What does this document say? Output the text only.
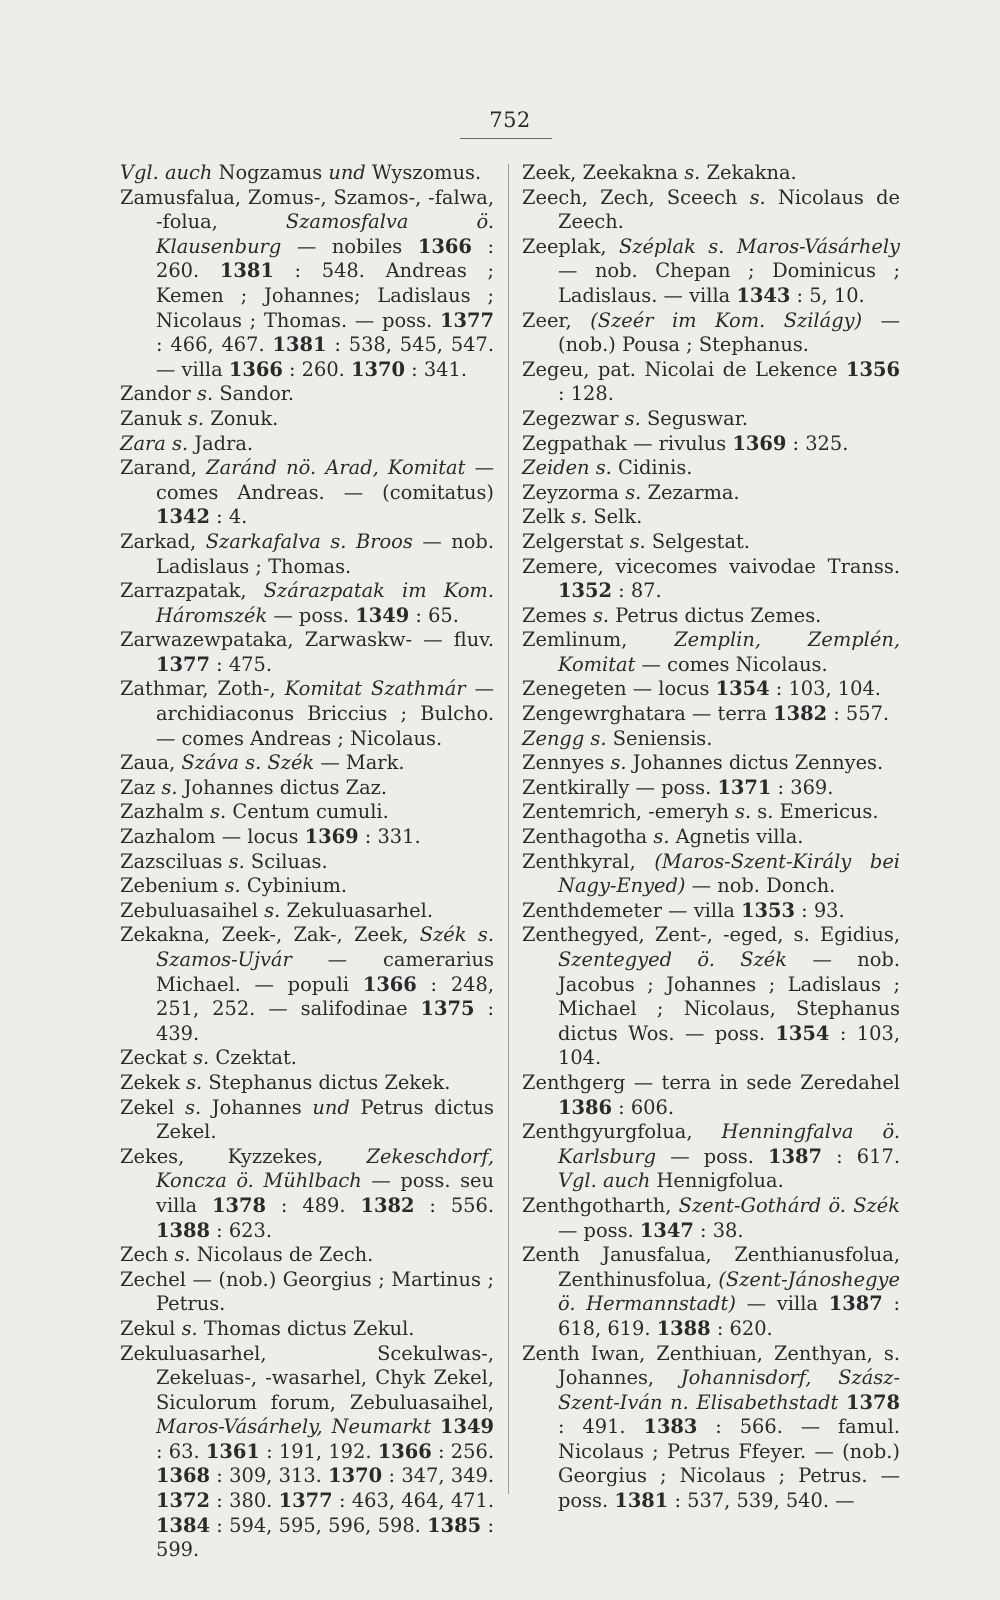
752

Vgl. auch Nogzamus und Wyszomus.

Zamusfalua, Zomus-, Szamos-, -falwa, -folua, Szamosfalva ö. Klausenburg — nobiles 1366 : 260. 1381 : 548. Andreas ; Kemen ; Johannes; Ladislaus ; Nicolaus ; Thomas. — poss. 1377 : 466, 467. 1381 : 538, 545, 547. — villa 1366 : 260. 1370 : 341.

Zandor s. Sandor.

Zanuk s. Zonuk.

Zara s. Jadra.

Zarand, Zaránd nö. Arad, Komitat — comes Andreas. — (comitatus) 1342 : 4.

Zarkad, Szarkafalva s. Broos — nob. Ladislaus ; Thomas.

Zarrazpatak, Szárazpatak im Kom. Háromszék — poss. 1349 : 65.

Zarwazewpataka, Zarwaskw- — fluv. 1377 : 475.

Zathmar, Zoth-, Komitat Szathmár — archidiaconus Briccius ; Bulcho. — comes Andreas ; Nicolaus.

Zaua, Száva s. Szék — Mark.

Zaz s. Johannes dictus Zaz.

Zazhalm s. Centum cumuli.

Zazhalom — locus 1369 : 331.

Zazsciluas s. Sciluas.

Zebenium s. Cybinium.

Zebuluasaihel s. Zekuluasarhel.

Zekakna, Zeek-, Zak-, Zeek, Szék s. Szamos-Ujvár — camerarius Michael. — populi 1366 : 248, 251, 252. — salifodinae 1375 : 439.

Zeckat s. Czektat.

Zekek s. Stephanus dictus Zekek.

Zekel s. Johannes und Petrus dictus Zekel.

Zekes, Kyzzekes, Zekeschdorf, Koncza ö. Mühlbach — poss. seu villa 1378 : 489. 1382 : 556. 1388 : 623.

Zech s. Nicolaus de Zech.

Zechel — (nob.) Georgius ; Martinus ; Petrus.

Zekul s. Thomas dictus Zekul.

Zekuluasarhel, Scekulwas-, Zekeluas-, -wasarhel, Chyk Zekel, Siculorum forum, Zebuluasaihel, Maros-Vásárhely, Neumarkt 1349 : 63. 1361 : 191, 192. 1366 : 256. 1368 : 309, 313. 1370 : 347, 349. 1372 : 380. 1377 : 463, 464, 471. 1384 : 594, 595, 596, 598. 1385 : 599.

Zeek, Zeekakna s. Zekakna.

Zeech, Zech, Sceech s. Nicolaus de Zeech.

Zeeplak, Széplak s. Maros-Vásárhely — nob. Chepan ; Dominicus ; Ladislaus. — villa 1343 : 5, 10.

Zeer, (Szeér im Kom. Szilágy) — (nob.) Pousa ; Stephanus.

Zegeu, pat. Nicolai de Lekence 1356 : 128.

Zegezwar s. Seguswar.

Zegpathak — rivulus 1369 : 325.

Zeiden s. Cidinis.

Zeyzorma s. Zezarma.

Zelk s. Selk.

Zelgerstat s. Selgestat.

Zemere, vicecomes vaivodae Transs. 1352 : 87.

Zemes s. Petrus dictus Zemes.

Zemlinum, Zemplin, Zemplén, Komitat — comes Nicolaus.

Zenegeten — locus 1354 : 103, 104.

Zengewrghatara — terra 1382 : 557.

Zengg s. Seniensis.

Zennyes s. Johannes dictus Zennyes.

Zentkirally — poss. 1371 : 369.

Zentemrich, -emeryh s. s. Emericus.

Zenthagotha s. Agnetis villa.

Zenthkyral, (Maros-Szent-Király bei Nagy-Enyed) — nob. Donch.

Zenthdemeter — villa 1353 : 93.

Zenthegyed, Zent-, -eged, s. Egidius, Szentegyed ö. Szék — nob. Jacobus ; Johannes ; Ladislaus ; Michael ; Nicolaus, Stephanus dictus Wos. — poss. 1354 : 103, 104.

Zenthgerg — terra in sede Zeredahel 1386 : 606.

Zenthgyurgfolua, Henningfalva ö. Karlsburg — poss. 1387 : 617. Vgl. auch Hennigfolua.

Zenthgotharth, Szent-Gothárd ö. Szék — poss. 1347 : 38.

Zenth Janusfalua, Zenthianusfolua, Zenthinusfolua, (Szent-Jánoshegye ö. Hermannstadt) — villa 1387 : 618, 619. 1388 : 620.

Zenth Iwan, Zenthiuan, Zenthyan, s. Johannes, Johannisdorf, Szász-Szent-Iván n. Elisabethstadt 1378 : 491. 1383 : 566. — famul. Nicolaus ; Petrus Ffeyer. — (nob.) Georgius ; Nicolaus ; Petrus. — poss. 1381 : 537, 539, 540. —
